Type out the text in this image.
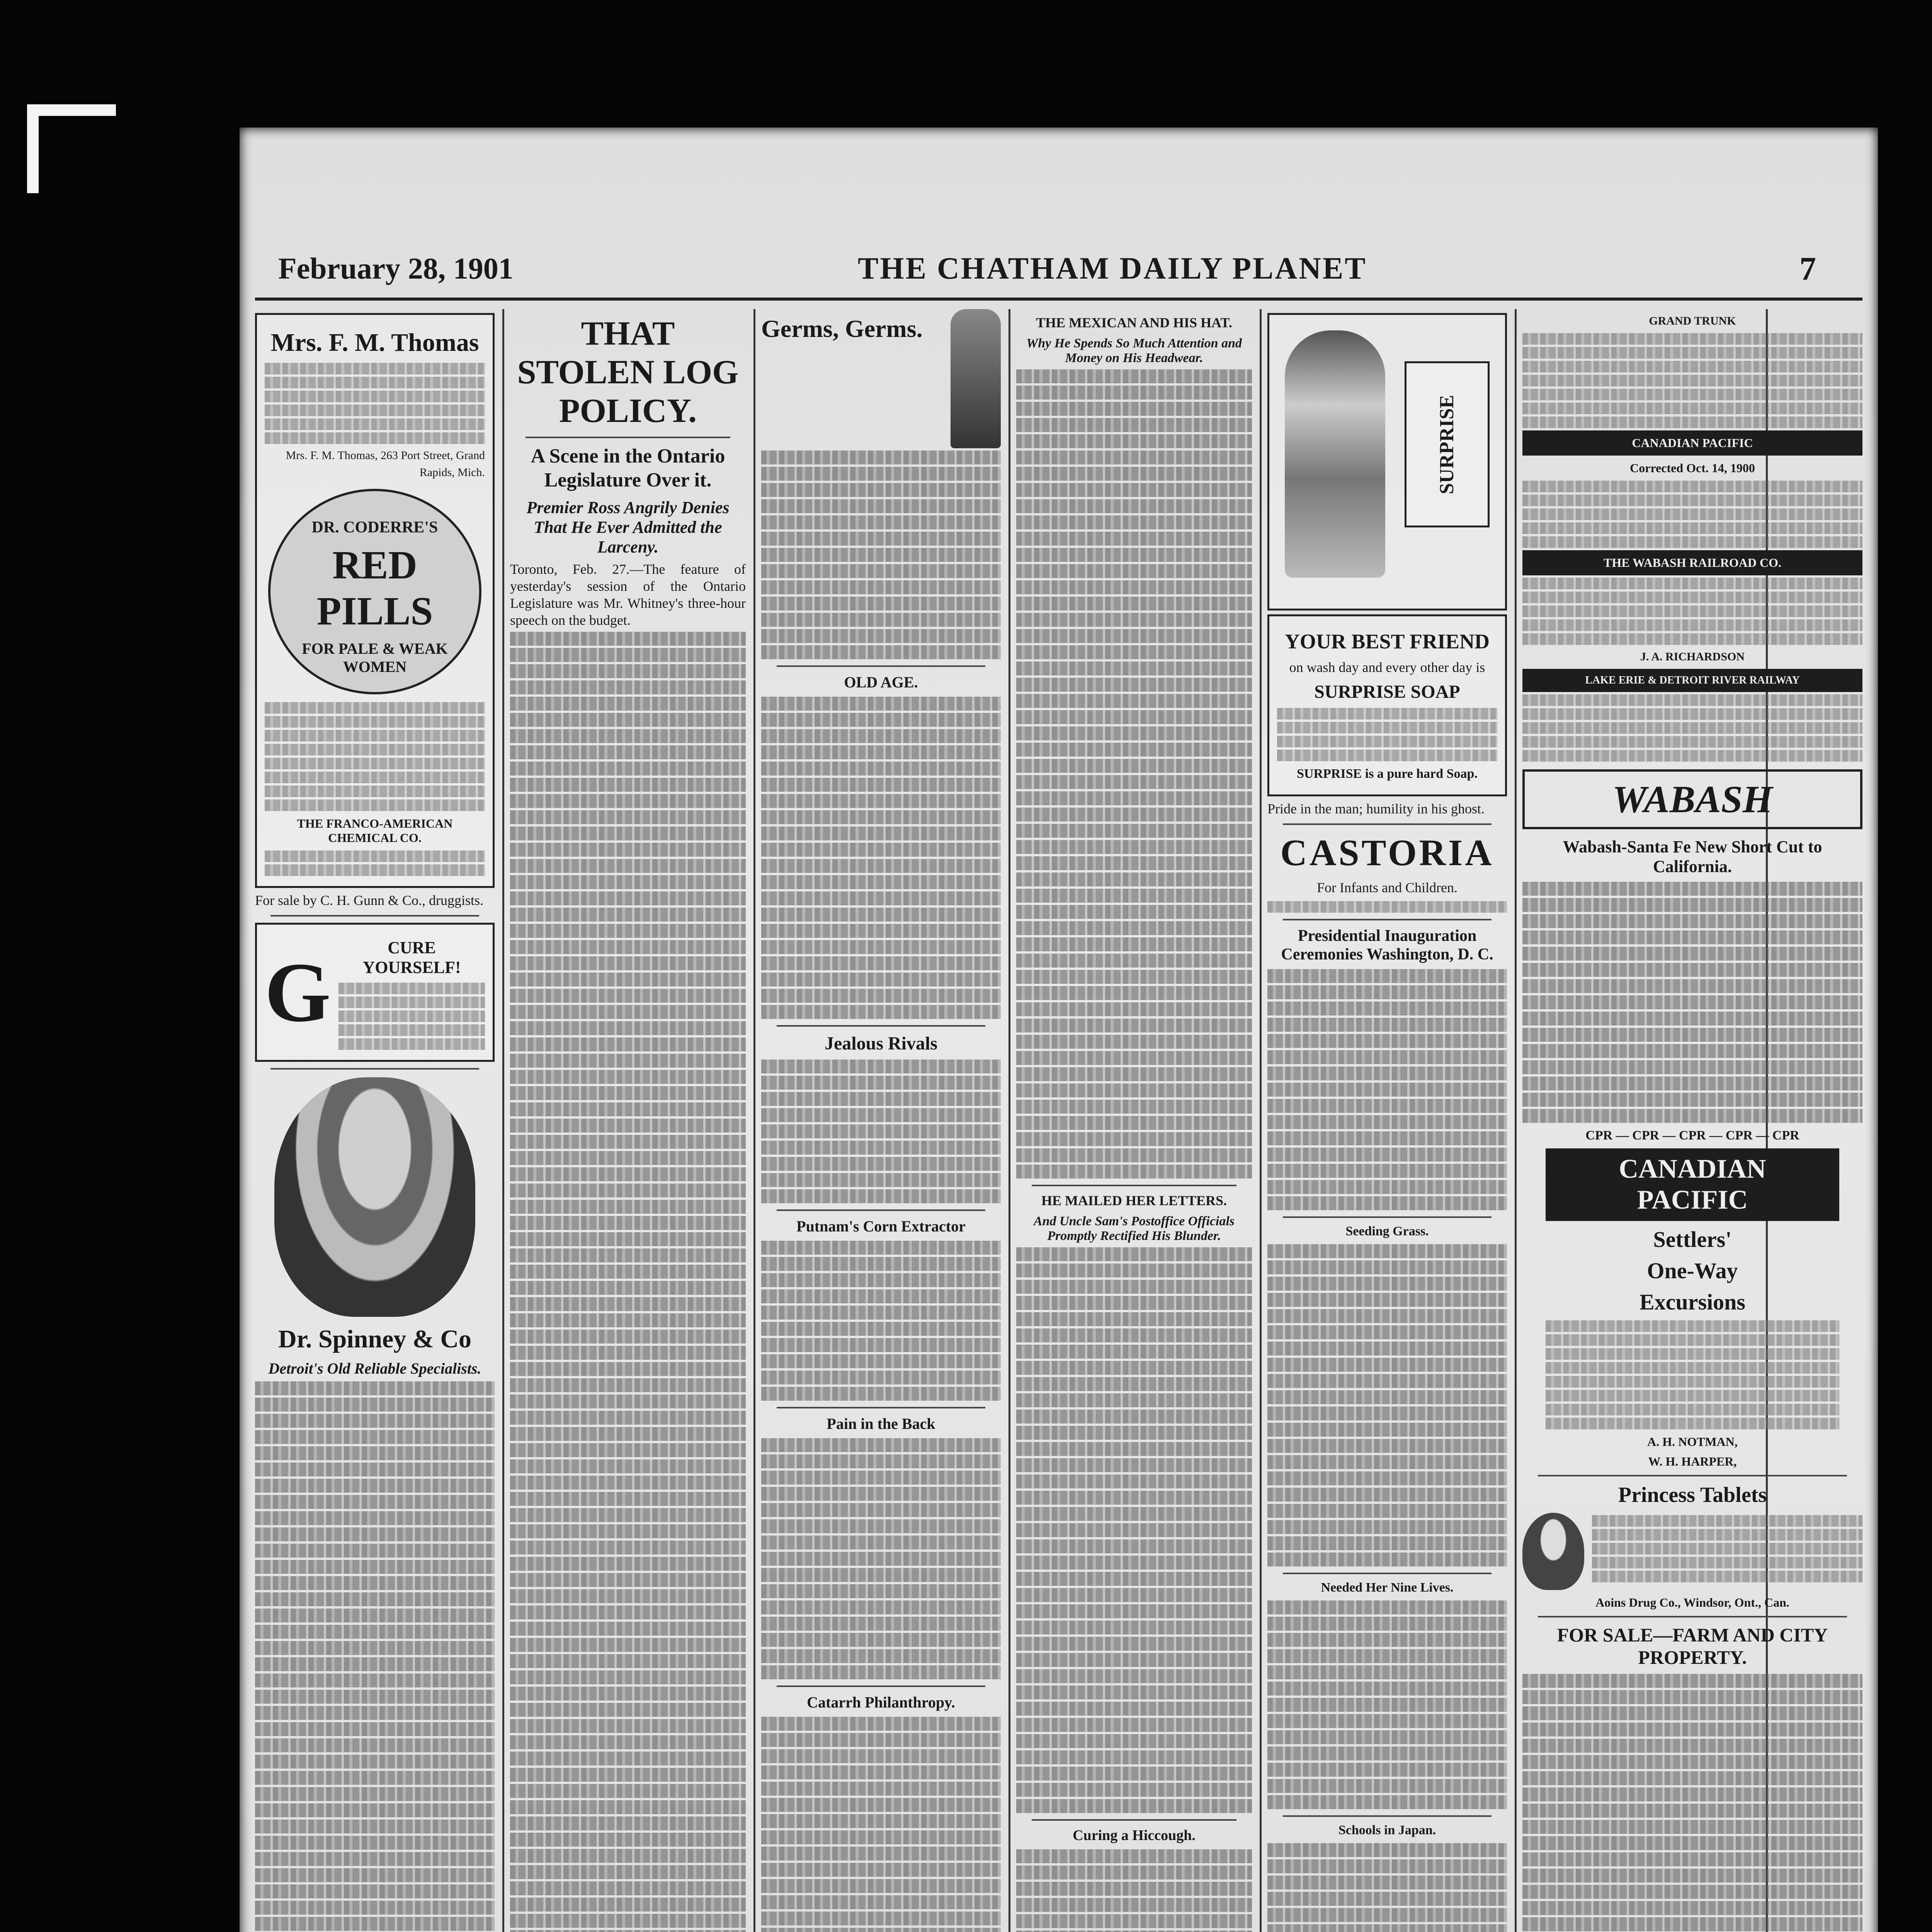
February 28, 1901	THE CHATHAM DAILY PLANET	7
Mrs. F. M. Thomas
Mrs. F. M. Thomas, 263 Port Street, Grand Rapids, Mich.
DR. CODERRE'S
RED PILLS
FOR PALE & WEAK WOMEN
THE FRANCO-AMERICAN CHEMICAL CO.
For sale by C. H. Gunn & Co., druggists.
G	CURE YOURSELF!
Dr. Spinney & Co
Detroit's Old Reliable Specialists.
THAT STOLEN LOG POLICY.
A Scene in the Ontario Legislature Over it.
Premier Ross Angrily Denies That He Ever Admitted the Larceny.
Toronto, Feb. 27.—The feature of yesterday's session of the Ontario Legislature was Mr. Whitney's three-hour speech on the budget.
Germs, Germs.
OLD AGE.
Jealous Rivals
Putnam's Corn Extractor
Pain in the Back
Catarrh Philanthropy.
THE MEXICAN AND HIS HAT.
Why He Spends So Much Attention and Money on His Headwear.
HE MAILED HER LETTERS.
And Uncle Sam's Postoffice Officials Promptly Rectified His Blunder.
Curing a Hiccough.
SURPRISE
YOUR BEST FRIEND
on wash day and every other day is
SURPRISE SOAP
SURPRISE is a pure hard Soap.
Pride in the man; humility in his ghost.
CASTORIA
For Infants and Children.
Presidential Inauguration Ceremonies Washington, D. C.
Seeding Grass.
Needed Her Nine Lives.
Schools in Japan.
GRAND TRUNK
CANADIAN PACIFIC
Corrected Oct. 14, 1900
THE WABASH RAILROAD CO.
J. A. RICHARDSON
LAKE ERIE & DETROIT RIVER RAILWAY
WABASH
Wabash-Santa Fe New Short Cut to California.
CPR — CPR — CPR — CPR — CPR
CANADIAN
PACIFIC
Settlers'
One-Way
Excursions
A. H. NOTMAN,
W. H. HARPER,
Princess Tablets
Aoins Drug Co., Windsor, Ont., Can.
FOR SALE—FARM AND CITY PROPERTY.
